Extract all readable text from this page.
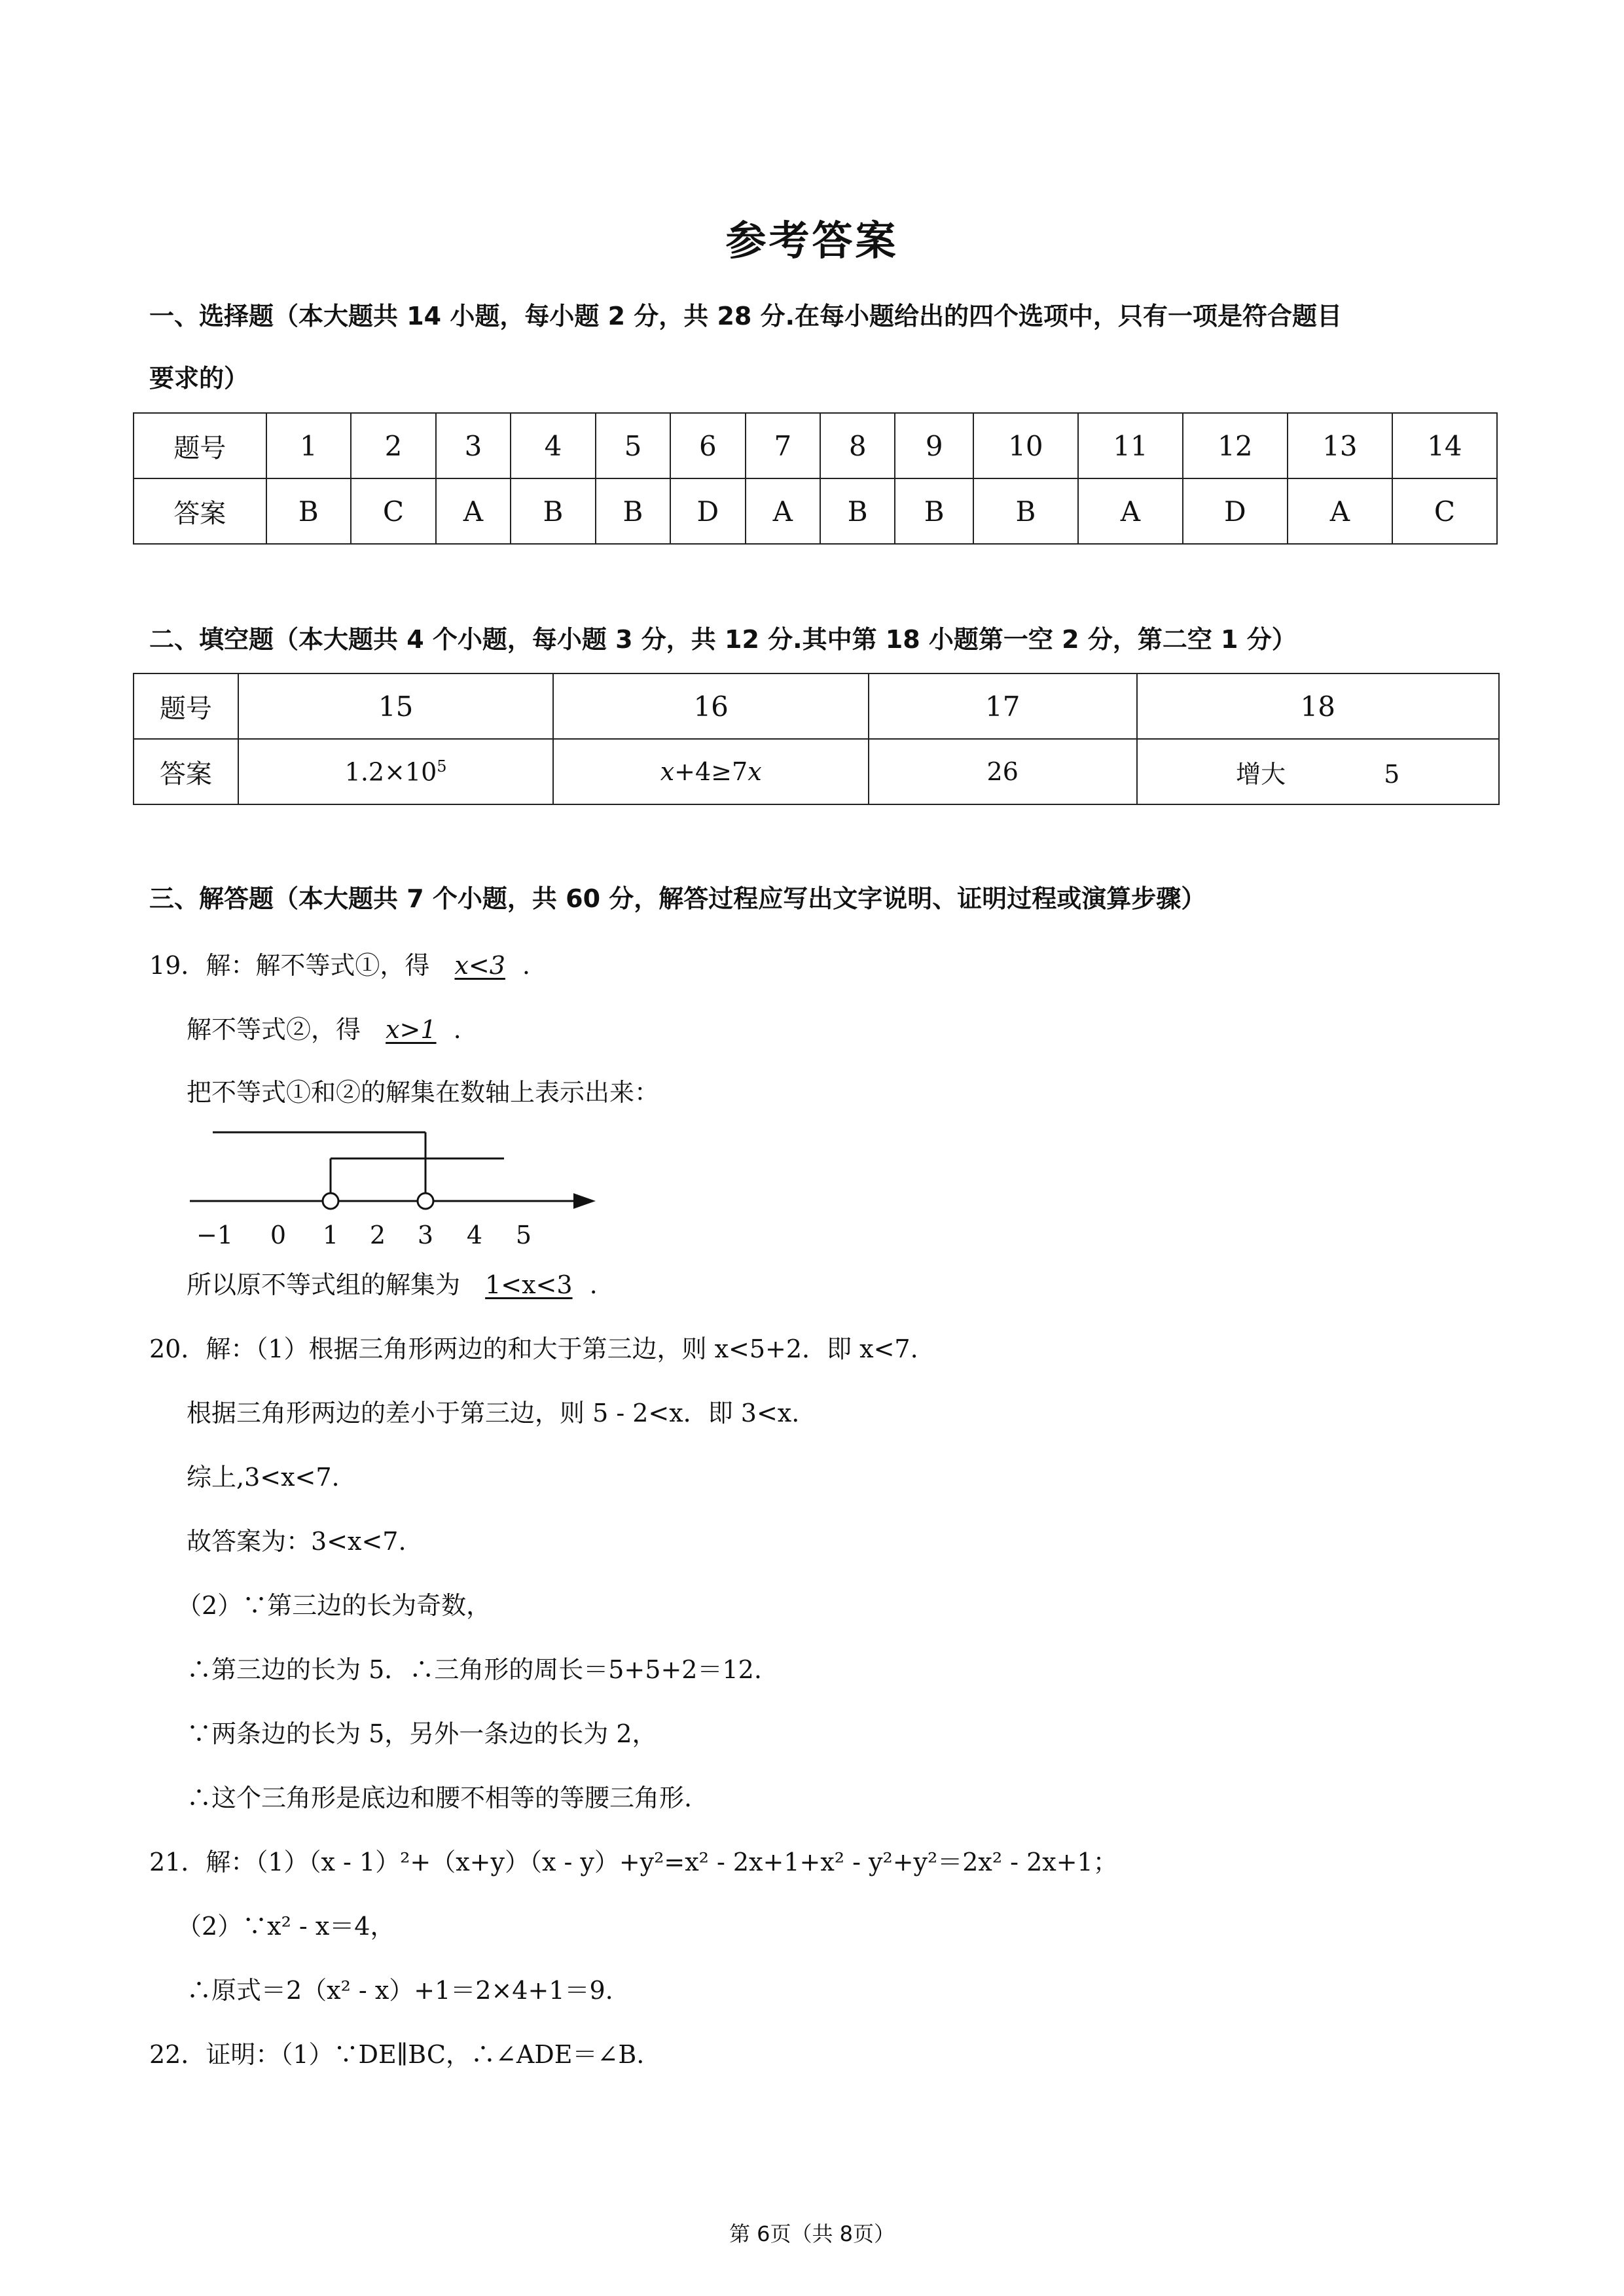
参考答案
一、选择题（本大题共 14 小题，每小题 2 分，共 28 分.在每小题给出的四个选项中，只有一项是符合题目
要求的）
题号	1	2	3	4	5	6	7	8	9	10	11	12	13	14
答案	B	C	A	B	B	D	A	B	B	B	A	D	A	C
二、填空题（本大题共 4 个小题，每小题 3 分，共 12 分.其中第 18 小题第一空 2 分，第二空 1 分）
题号	15	16	17	18
答案	$1.2\times 10^5$	x+4≥7x	26	增大 5
三、解答题（本大题共 7 个小题，共 60 分，解答过程应写出文字说明、证明过程或演算步骤）
19．解：解不等式①，得 x<3 .
解不等式②，得 x>1 .
把不等式①和②的解集在数轴上表示出来：
−1 0 1 2 3 4 5
所以原不等式组的解集为 1<x<3 .
20．解：（1）根据三角形两边的和大于第三边，则 x<5+2．即 x<7.
根据三角形两边的差小于第三边，则 5 - 2<x．即 3<x.
综上,3<x<7.
故答案为：3<x<7.
（2）∵第三边的长为奇数，
∴第三边的长为 5．∴三角形的周长＝5+5+2＝12.
∵两条边的长为 5，另外一条边的长为 2，
∴这个三角形是底边和腰不相等的等腰三角形.
21．解：（1）（x - 1）²+（x+y）（x - y）+y²=x² - 2x+1+x² - y²+y²＝2x² - 2x+1；
（2）∵x² - x＝4，
∴原式＝2（x² - x）+1＝2×4+1＝9.
22．证明：（1）∵DE∥BC，∴∠ADE＝∠B.
第 6页（共 8页）
